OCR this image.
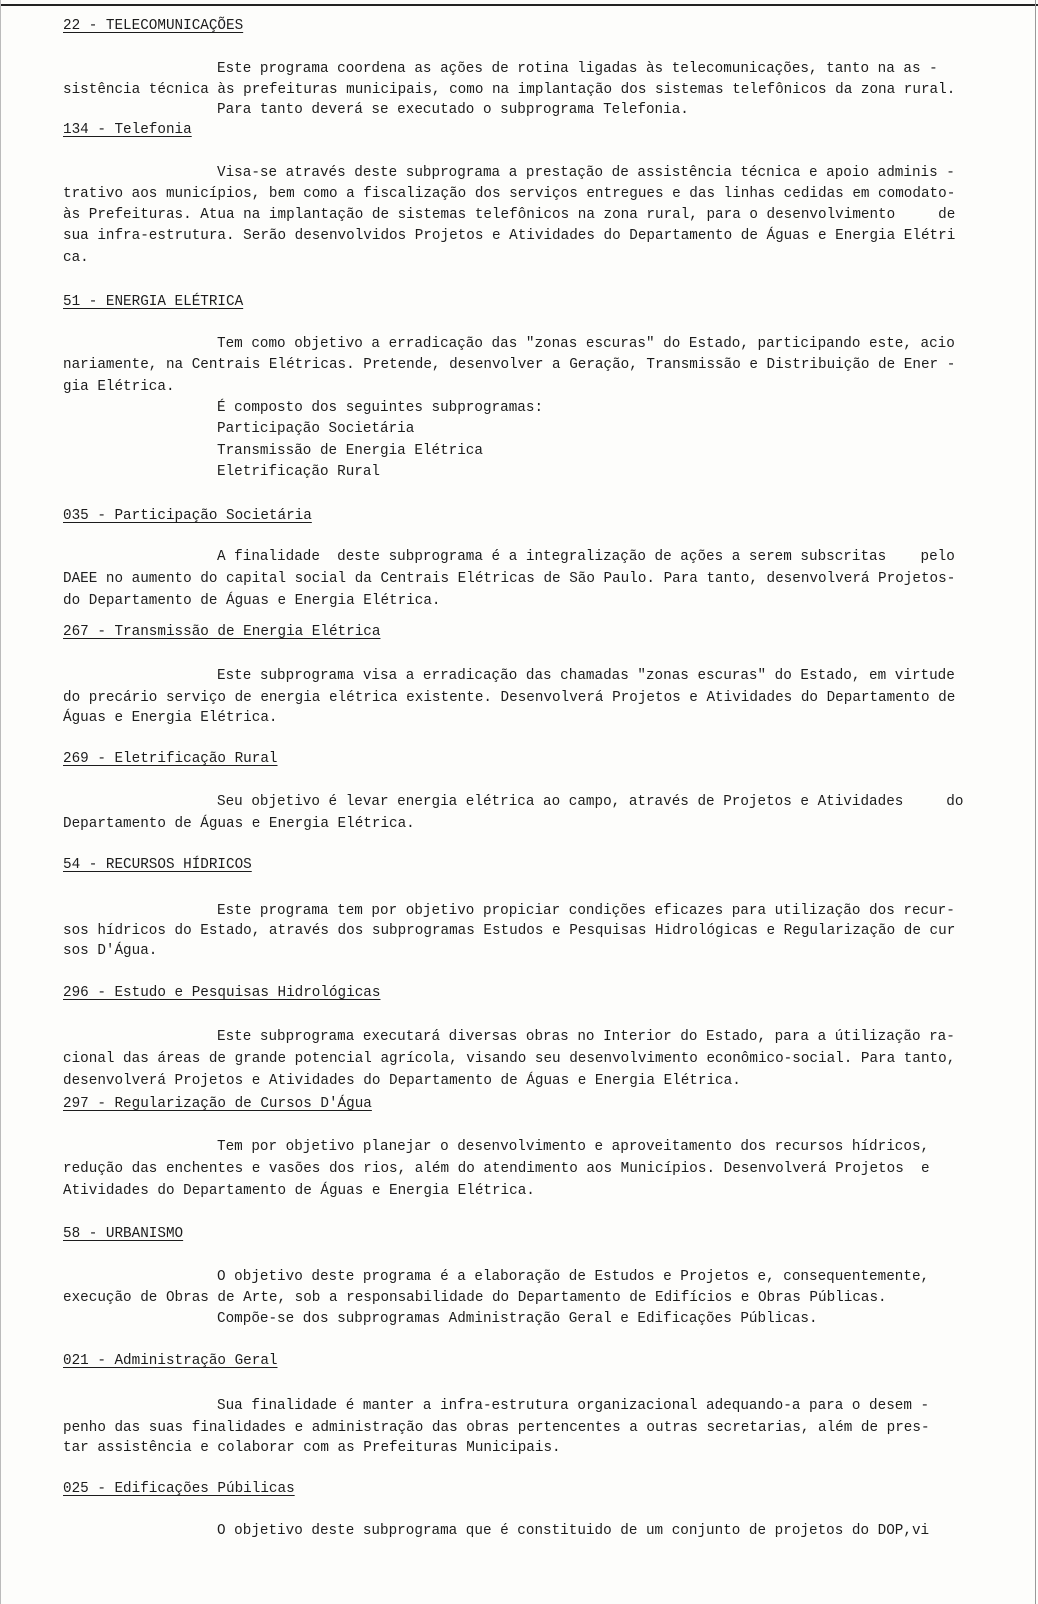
22 - TELECOMUNICAÇÕES
Este programa coordena as ações de rotina ligadas às telecomunicações, tanto na as -
sistência técnica às prefeituras municipais, como na implantação dos sistemas telefônicos da zona rural.
Para tanto deverá se executado o subprograma Telefonia.
134 - Telefonia
Visa-se através deste subprograma a prestação de assistência técnica e apoio adminis -
trativo aos municípios, bem como a fiscalização dos serviços entregues e das linhas cedidas em comodato-
às Prefeituras. Atua na implantação de sistemas telefônicos na zona rural, para o desenvolvimento     de
sua infra-estrutura. Serão desenvolvidos Projetos e Atividades do Departamento de Águas e Energia Elétri
ca.
51 - ENERGIA ELÉTRICA
Tem como objetivo a erradicação das "zonas escuras" do Estado, participando este, acio
nariamente, na Centrais Elétricas. Pretende, desenvolver a Geração, Transmissão e Distribuição de Ener -
gia Elétrica.
É composto dos seguintes subprogramas:
Participação Societária
Transmissão de Energia Elétrica
Eletrificação Rural
035 - Participação Societária
A finalidade  deste subprograma é a integralização de ações a serem subscritas    pelo
DAEE no aumento do capital social da Centrais Elétricas de São Paulo. Para tanto, desenvolverá Projetos-
do Departamento de Águas e Energia Elétrica.
267 - Transmissão de Energia Elétrica
Este subprograma visa a erradicação das chamadas "zonas escuras" do Estado, em virtude
do precário serviço de energia elétrica existente. Desenvolverá Projetos e Atividades do Departamento de
Águas e Energia Elétrica.
269 - Eletrificação Rural
Seu objetivo é levar energia elétrica ao campo, através de Projetos e Atividades     do
Departamento de Águas e Energia Elétrica.
54 - RECURSOS HÍDRICOS
Este programa tem por objetivo propiciar condições eficazes para utilização dos recur-
sos hídricos do Estado, através dos subprogramas Estudos e Pesquisas Hidrológicas e Regularização de cur
sos D'Água.
296 - Estudo e Pesquisas Hidrológicas
Este subprograma executará diversas obras no Interior do Estado, para a útilização ra-
cional das áreas de grande potencial agrícola, visando seu desenvolvimento econômico-social. Para tanto,
desenvolverá Projetos e Atividades do Departamento de Águas e Energia Elétrica.
297 - Regularização de Cursos D'Água
Tem por objetivo planejar o desenvolvimento e aproveitamento dos recursos hídricos,
redução das enchentes e vasões dos rios, além do atendimento aos Municípios. Desenvolverá Projetos  e
Atividades do Departamento de Águas e Energia Elétrica.
58 - URBANISMO
O objetivo deste programa é a elaboração de Estudos e Projetos e, consequentemente,
execução de Obras de Arte, sob a responsabilidade do Departamento de Edifícios e Obras Públicas.
Compõe-se dos subprogramas Administração Geral e Edificações Públicas.
021 - Administração Geral
Sua finalidade é manter a infra-estrutura organizacional adequando-a para o desem -
penho das suas finalidades e administração das obras pertencentes a outras secretarias, além de pres-
tar assistência e colaborar com as Prefeituras Municipais.
025 - Edificações Púbilicas
O objetivo deste subprograma que é constituido de um conjunto de projetos do DOP,vi
